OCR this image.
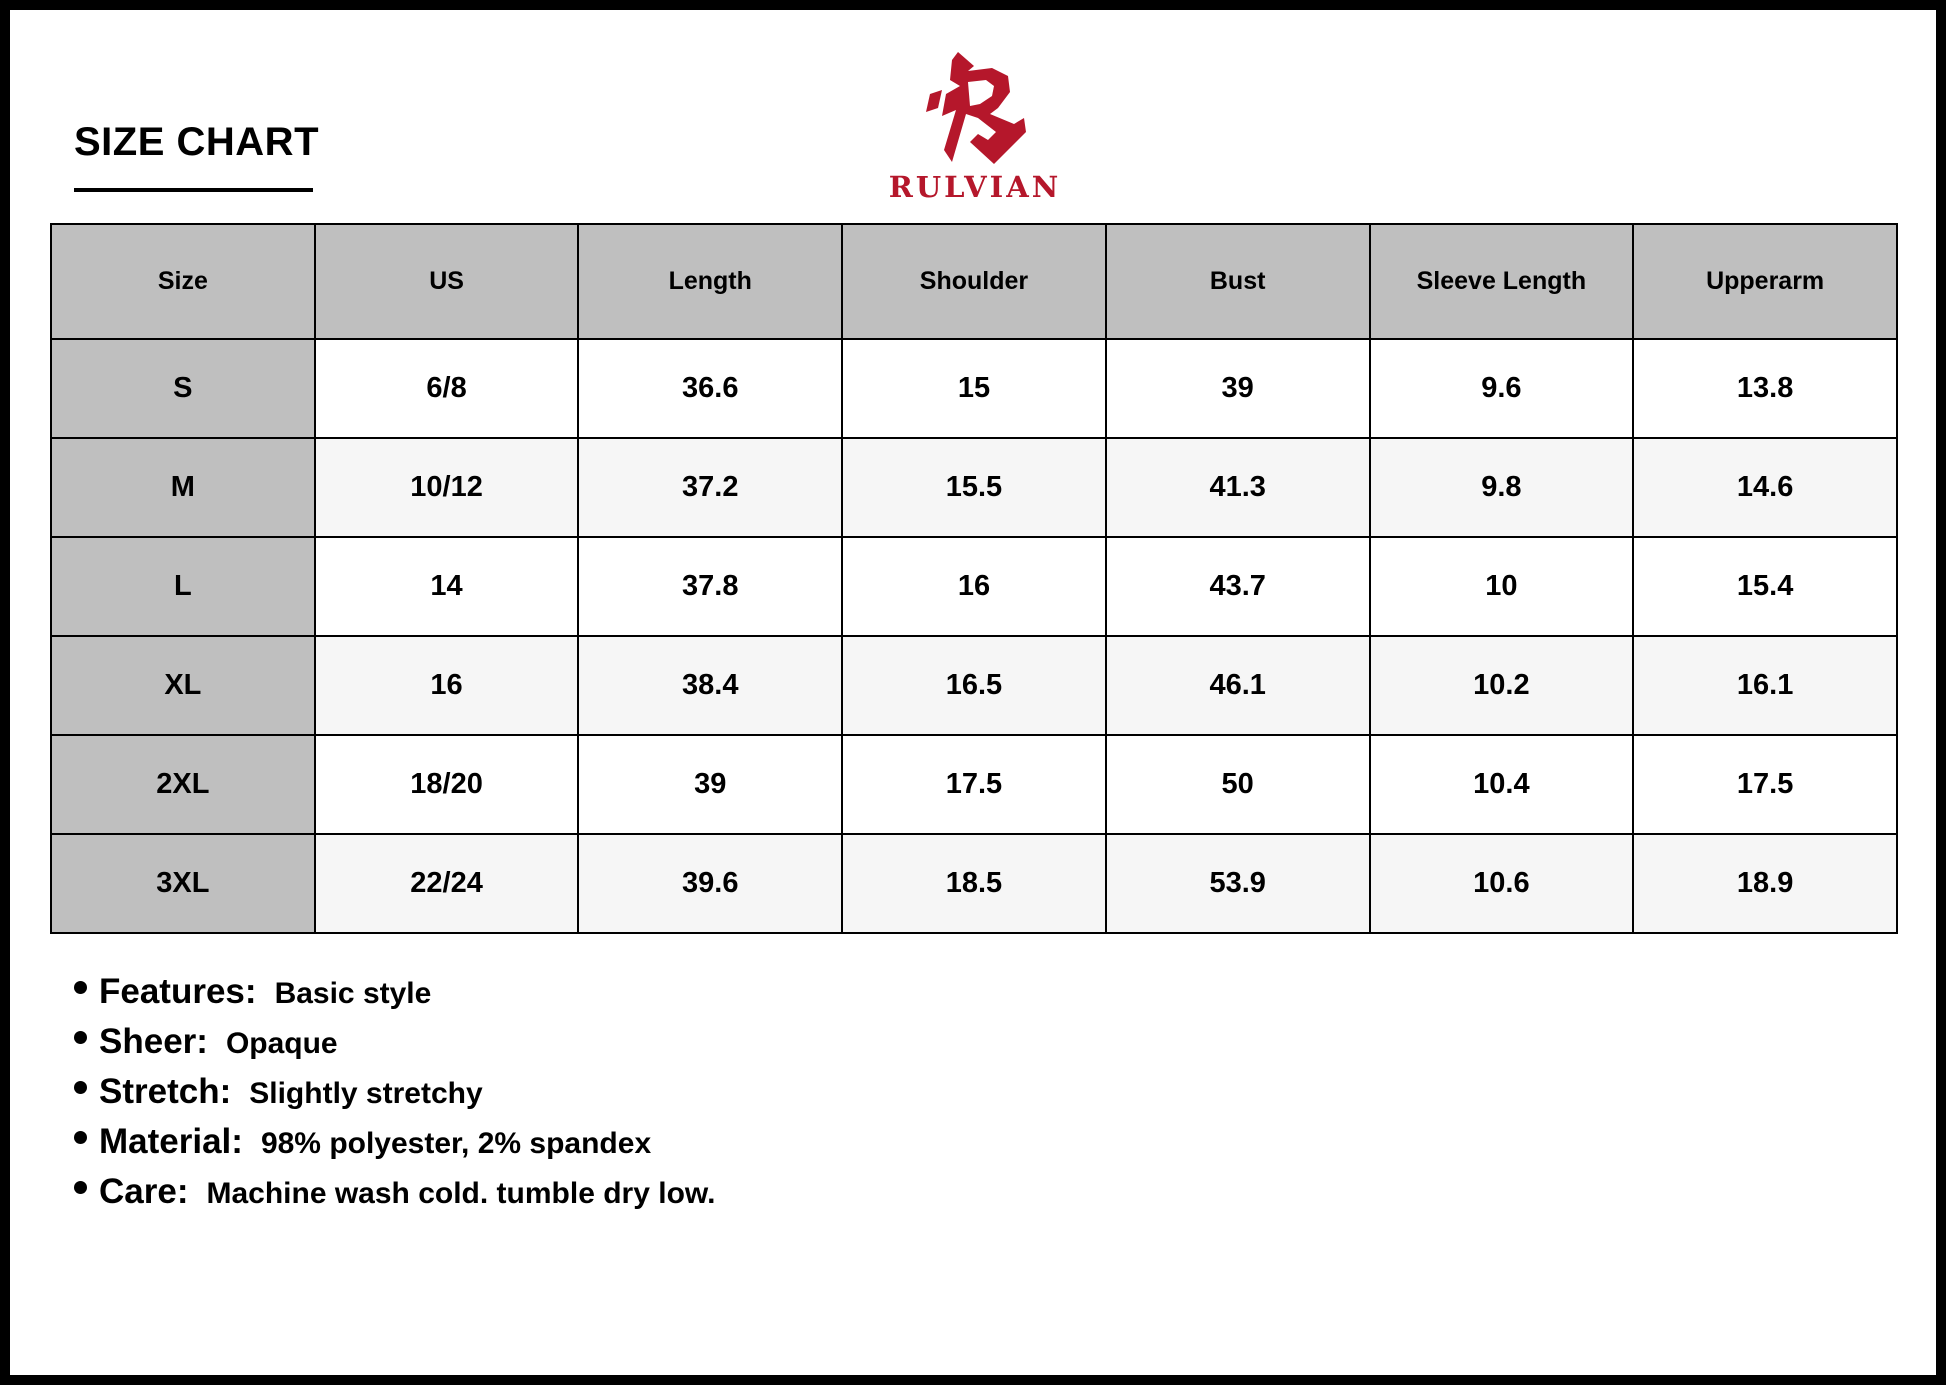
SIZE CHART
RULVIAN
Size	US	Length	Shoulder	Bust	Sleeve Length	Upperarm
S	6/8	36.6	15	39	9.6	13.8
M	10/12	37.2	15.5	41.3	9.8	14.6
L	14	37.8	16	43.7	10	15.4
XL	16	38.4	16.5	46.1	10.2	16.1
2XL	18/20	39	17.5	50	10.4	17.5
3XL	22/24	39.6	18.5	53.9	10.6	18.9
Features: Basic style
Sheer: Opaque
Stretch: Slightly stretchy
Material: 98% polyester, 2% spandex
Care: Machine wash cold. tumble dry low.
